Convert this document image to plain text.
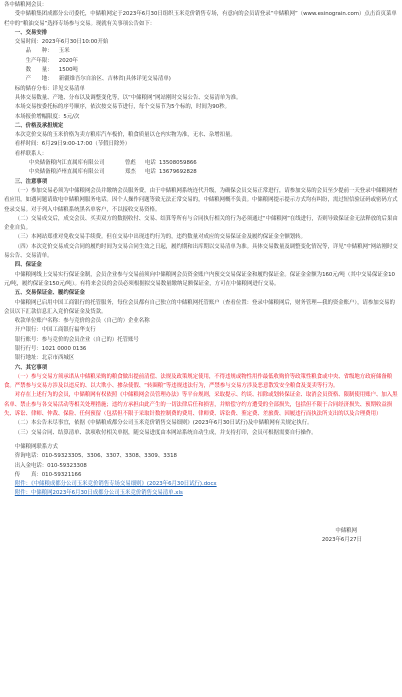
各中储粮网会员：

受中储粮集团成都分公司委托，中储粮网定于2023年6月30日组织玉米竞价销售专场，有意向的会员请登录“中储粮网”（www.esinograin.com）点击首页菜单栏中的“粮油交易”选择专场参与交易。现就有关事项公告如下：

一、交易安排

交易时间：2023年6月30日10:00开始

品　　种： 玉米

生产年限： 2020年

数　　量： 1500吨

产　　地： 新疆维吾尔自治区、吉林省(具体详见交易清单)

标的储存分布：详见交易清单

具体交易数量、产地、分布以及调整变化等，以“中储粮网”网站刚时交易公告、交易清单为准。

本场交易按委托标的序号顺序，依次按交易节进行，每个交易节为5个标的，时间为90秒。

本场报价增幅限度：5元/次

二、价格及承担规定

本次竞价交易的玉米价格为卖方粮库汽车板价，粮食质量以仓内实物为准，无水、杂增扣量。

看样时间：6月29日9:00-17:00（节假日除外）

看样联系人：

中央储备粮内江直属库有限公司	曾彪 电话 13508059866

中央储备粮泸州直属库有限公司	郑杰 电话 13679692828

三、注意事项

（一）参加交易必须为中储粮网会员并缴纳会员服务费，由于中储粮网系统连代升级，为确保会员交易正常进行，请参加交易的会员至少提前一天登录中储粮网查看应用，如遇问题请致电中储粮网服务电话。因个人操作问题等致无法正常交易的，中储粮网概不负责。中储粮网提示提示方式均有纠纷，需过短信验证码或密码方式登录交易。对于列入中储粮系统黑名单客户，不以接收交易资格。

（二）交易成交后，成交会员、买卖双方的数据收付、交易、结算等所有与合同执行相关的行为必须通过“中储粮网”在线进行，否则导致保证金无法释放的后果由企业自负。

（三）本网站郑重对免收交易手续费。但在交易中出现违约行为的，违约数量对成应的交易保证金及履约保证金全额划转。

（四）本次竞价交易成交合同的履约时间为交易合同生效之日起，履约期和出库期以交易清单为准。具体交易数量及调整变化情况等，详见“中储粮网”网站刚时交易公告、交易清单。

四、保证金

中储粮网线上交易实行保证金制，会员企业参与交易前须向中储粮网会员资金账户内预交交易保证金和履约保证金。保证金金额为160元/吨（其中交易保证金10元/吨，履约保证金150元/吨）。有将来会员的会员必须根据拟交易数量缴纳足额保证金，方可在中储粮网进行交易。

五、交易保证金、履约保证金

中储粮网已启用中国工商银行的托管服务，每位会员都有自己独立的中储粮网托管账户（查看位置：登录中储粮网后，财务管理—我的资金账户），请参加交易的会员以下汇款信息汇入竞价保证金及货款。

收款单位账户名称：参与竞价的会员（自己的）企业名称

开户银行：中国工商银行福华支行

银行账号：参与竞价的会员企业（自己的）托管账号

银行行号：1021 0000 0136

银行地址：北京市西城区

六、其它事项

（一）参与交易方须承诺从中储粮采购的粮食做出提前清偿、法规及政策规定使用，不得违规或物性用作最低收购价等政策性粮食或中央、省级地方政府储备粮食。严禁参与交易方涉及以违反的、以大欺小、掺杂使假、“转圈粮”等违规违法行为，严禁参与交易方涉及恶意散发安全粮食及变卖等行为。

对存在上述行为的会员，中储粮网有权依照《中储粮网会员管理办法》等平台规则，采取提示、约谈、扣除或划转保证金、取消会员资格、限制使用账户、加入黑名单、禁止参与各交易活动等相关处理措施；违约方承担由此产生的一切法律后任和损害，并赔偿守约方遭受的全部损失，包括但不限于合同经济损失、预期收益损失、诉讼、律师、仲裁、保险、任何预留（包括但不限于采取针数控制费的费用、律师费、诉讼费、鉴定费、差旅费、因履违行而执法所支出的以及合理费用）

（二）本公告未尽事宜，依据《中储粮成都分公司玉米竞价销售交易细则》(2023年6月30日试行)及中储粮网有关规定执行。

（三）交易合同、结算清单、款项收付相关单据，随交易进度由本网站系统自动生成，并支持打印，会员可根据需要自行操作。

中储粮网联系方式

咨询电话：010-59323305、3306、3307、3308、3309、3318

出入金电话：010-59323308

传　　真：010-59321166

附件：《中储粮成都分公司玉米竞价销售专场交易细则》(2023年6月30日试行).docx

附件：中储粮网2023年6月30日成都分公司玉米竞价销售交易清单.xls

中储粮网

2023年6月27日
